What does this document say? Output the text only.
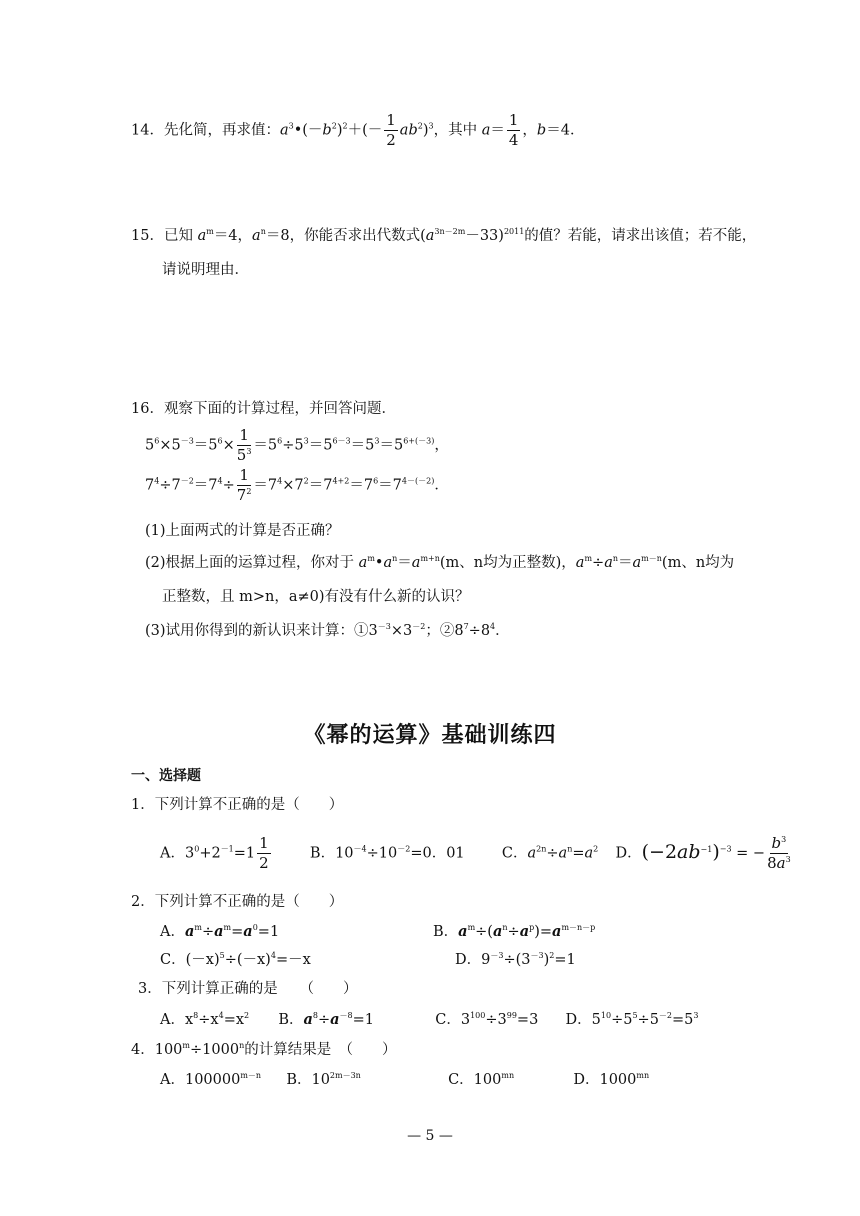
14．先化简，再求值：$a^3•(-b^2)^2+(- \frac{1}{2} ab^2)^3$，其中 $a= \frac{1}{4}$ ，b＝4．
15．已知 $a^m=4$，$a^n=8$，你能否求出代数式$(a^{3n-2m}-33)^{2011}$的值？若能，请求出该值；若不能，
请说明理由．
16．观察下面的计算过程，并回答问题．
$5^6\times 5^{-3}=5^6\times \frac{1}{5^3} =5^6\div 5^3=5^{6-3}=5^3=5^{6+(-3)}$，
$7^4\div 7^{-2}=7^4\div \frac{1}{7^2} =7^4\times 7^2=7^{4+2}=7^6=7^{4-(-2)}$．
(1)上面两式的计算是否正确？
(2)根据上面的运算过程，你对于 $a^m•a^n=a^{m+n}(m$、n均为正整数)，$a^m\div a^n=a^{m-n}(m$、n均为
正整数，且 m>n，a≠0)有没有什么新的认识？
(3)试用你得到的新认识来计算：$①3^{-3}\times 3^{-2}$；$②8^7\div 8^4$．
《幂的运算》基础训练四
一、选择题
1．下列计算不正确的是（　　）
A．$3^0+2^{-1}=1 \frac{1}{2}$	B．$10^{-4}\div 10^{-2}=0$．01  C．$a^{2n}\div a^n=a^2$ D．$(-2ab^{-1})^{-3}$ = − $\frac{b^3}{8a^3}$
2．下列计算不正确的是（　　）
A．$a^m\div a^m=a^0=1$	B．$a^m\div(a^n\div a^p)=a^{m-n-p}$
C．$(-x)^5\div(-x)^4=-x$	D．$9^{-3}\div(3^{-3})^2=1$
3．下列计算正确的是　　（　　）
A．$x^8\div x^4=x^2$ B．$a^8\div a^{-8}=1$	C．$3^{100}\div 3^{99}=3$  D．$5^{10}\div 5^5\div 5^{-2}=5^3$
4．$100^m\div 1000^n$的计算结果是　（　　）
A．$100000^{m-n}$ B．$10^{2m-3n}$	C．$100^{mn}$	D．$1000^{mn}$
— 5 —
